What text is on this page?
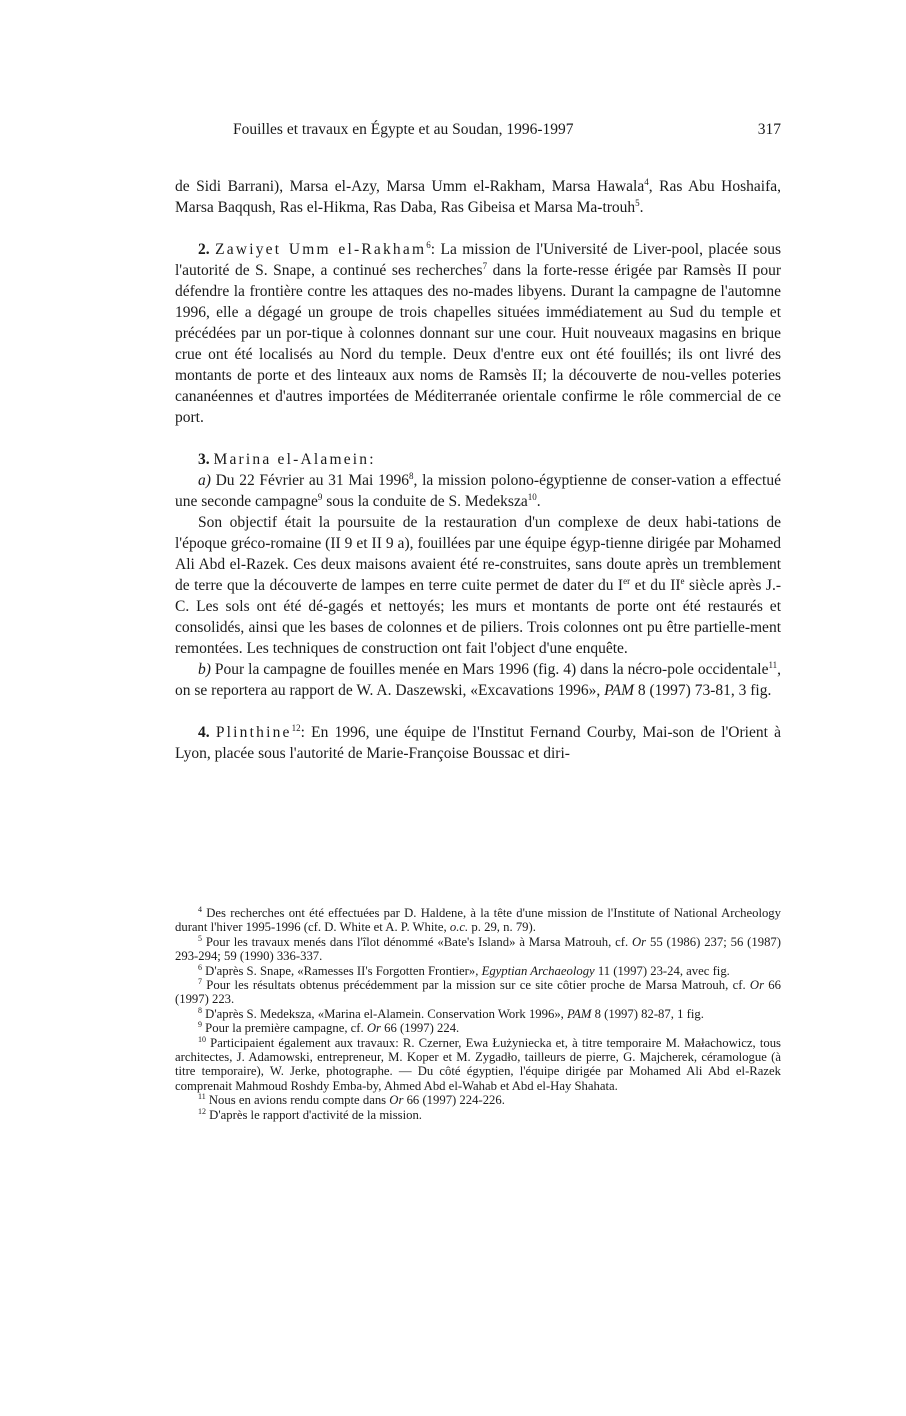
Fouilles et travaux en Égypte et au Soudan, 1996-1997	317

de Sidi Barrani), Marsa el-Azy, Marsa Umm el-Rakham, Marsa Hawala$^4$, Ras Abu Hoshaifa, Marsa Baqqush, Ras el-Hikma, Ras Daba, Ras Gibeisa et Marsa Ma-trouh$^5$.

2. Zawiyet Umm el-Rakham$^6$: La mission de l'Université de Liver-pool, placée sous l'autorité de S. Snape, a continué ses recherches$^7$ dans la forte-resse érigée par Ramsès II pour défendre la frontière contre les attaques des no-mades libyens. Durant la campagne de l'automne 1996, elle a dégagé un groupe de trois chapelles situées immédiatement au Sud du temple et précédées par un por-tique à colonnes donnant sur une cour. Huit nouveaux magasins en brique crue ont été localisés au Nord du temple. Deux d'entre eux ont été fouillés; ils ont livré des montants de porte et des linteaux aux noms de Ramsès II; la découverte de nou-velles poteries cananéennes et d'autres importées de Méditerranée orientale confirme le rôle commercial de ce port.

3. Marina el-Alamein:

a) Du 22 Février au 31 Mai 1996$^8$, la mission polono-égyptienne de conser-vation a effectué une seconde campagne$^9$ sous la conduite de S. Medeksza$^{10}$.

Son objectif était la poursuite de la restauration d'un complexe de deux habi-tations de l'époque gréco-romaine (II 9 et II 9 a), fouillées par une équipe égyp-tienne dirigée par Mohamed Ali Abd el-Razek. Ces deux maisons avaient été re-construites, sans doute après un tremblement de terre que la découverte de lampes en terre cuite permet de dater du Ier et du IIe siècle après J.-C. Les sols ont été dé-gagés et nettoyés; les murs et montants de porte ont été restaurés et consolidés, ainsi que les bases de colonnes et de piliers. Trois colonnes ont pu être partielle-ment remontées. Les techniques de construction ont fait l'object d'une enquête.

b) Pour la campagne de fouilles menée en Mars 1996 (fig. 4) dans la nécro-pole occidentale$^{11}$, on se reportera au rapport de W. A. Daszewski, «Excavations 1996», PAM 8 (1997) 73-81, 3 fig.

4. Plinthine$^{12}$: En 1996, une équipe de l'Institut Fernand Courby, Mai-son de l'Orient à Lyon, placée sous l'autorité de Marie-Françoise Boussac et diri-

$^4$ Des recherches ont été effectuées par D. Haldene, à la tête d'une mission de l'Institute of National Archeology durant l'hiver 1995-1996 (cf. D. White et A. P. White, o.c. p. 29, n. 79).

$^5$ Pour les travaux menés dans l'îlot dénommé «Bate's Island» à Marsa Matrouh, cf. Or 55 (1986) 237; 56 (1987) 293-294; 59 (1990) 336-337.

$^6$ D'après S. Snape, «Ramesses II's Forgotten Frontier», Egyptian Archaeology 11 (1997) 23-24, avec fig.

$^7$ Pour les résultats obtenus précédemment par la mission sur ce site côtier proche de Marsa Matrouh, cf. Or 66 (1997) 223.

$^8$ D'après S. Medeksza, «Marina el-Alamein. Conservation Work 1996», PAM 8 (1997) 82-87, 1 fig.

$^9$ Pour la première campagne, cf. Or 66 (1997) 224.

$^{10}$ Participaient également aux travaux: R. Czerner, Ewa Łużyniecka et, à titre temporaire M. Małachowicz, tous architectes, J. Adamowski, entrepreneur, M. Koper et M. Zygadło, tailleurs de pierre, G. Majcherek, céramologue (à titre temporaire), W. Jerke, photographe. — Du côté égyptien, l'équipe dirigée par Mohamed Ali Abd el-Razek comprenait Mahmoud Roshdy Emba-by, Ahmed Abd el-Wahab et Abd el-Hay Shahata.

$^{11}$ Nous en avions rendu compte dans Or 66 (1997) 224-226.

$^{12}$ D'après le rapport d'activité de la mission.
